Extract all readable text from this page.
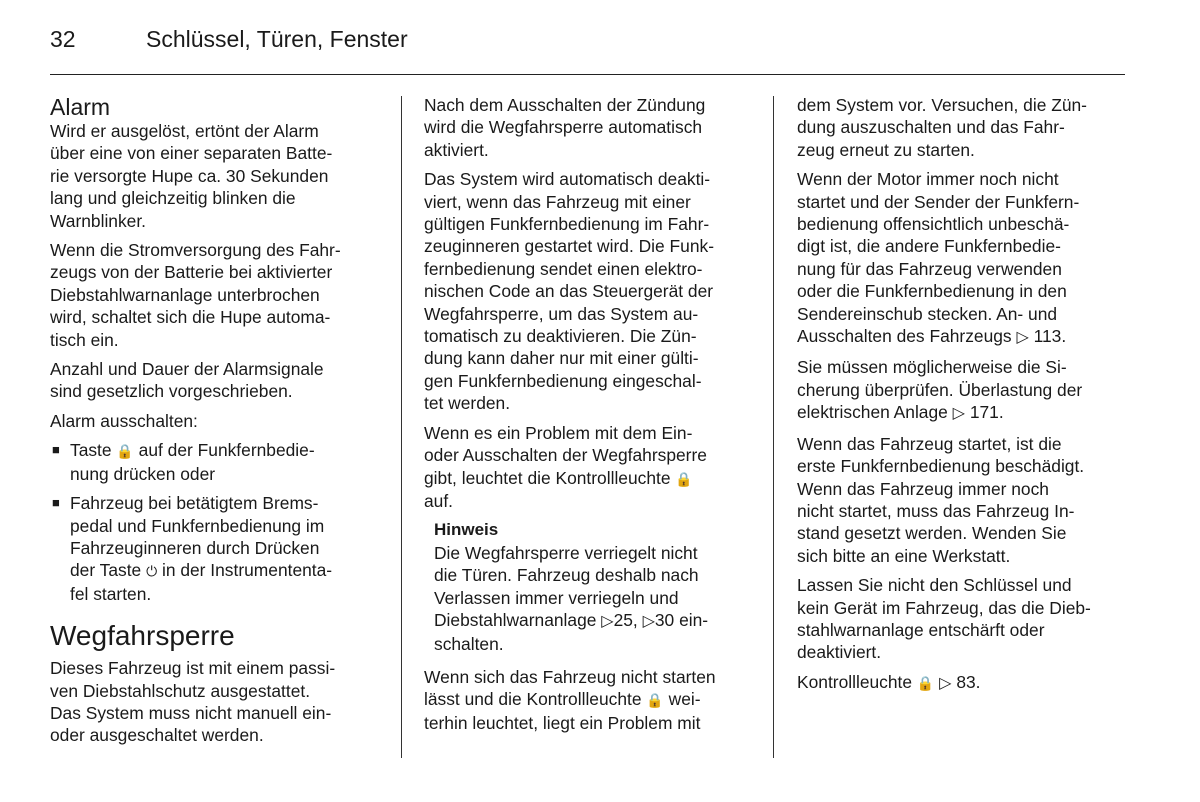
32	Schlüssel, Türen, Fenster
Alarm

Wird er ausgelöst, ertönt der Alarm
über eine von einer separaten Batte-
rie versorgte Hupe ca. 30 Sekunden
lang und gleichzeitig blinken die
Warnblinker.

Wenn die Stromversorgung des Fahr-
zeugs von der Batterie bei aktivierter
Diebstahlwarnanlage unterbrochen
wird, schaltet sich die Hupe automa-
tisch ein.

Anzahl und Dauer der Alarmsignale
sind gesetzlich vorgeschrieben.

Alarm ausschalten:

■ Taste 🔒 auf der Funkfernbedie-
nung drücken oder
■ Fahrzeug bei betätigtem Brems-
pedal und Funkfernbedienung im
Fahrzeuginneren durch Drücken
der Taste ⏻ in der Instrumententa-
fel starten.
Wegfahrsperre

Dieses Fahrzeug ist mit einem passi-
ven Diebstahlschutz ausgestattet.
Das System muss nicht manuell ein-
oder ausgeschaltet werden.

Nach dem Ausschalten der Zündung
wird die Wegfahrsperre automatisch
aktiviert.

Das System wird automatisch deakti-
viert, wenn das Fahrzeug mit einer
gültigen Funkfernbedienung im Fahr-
zeuginneren gestartet wird. Die Funk-
fernbedienung sendet einen elektro-
nischen Code an das Steuergerät der
Wegfahrsperre, um das System au-
tomatisch zu deaktivieren. Die Zün-
dung kann daher nur mit einer gülti-
gen Funkfernbedienung eingeschal-
tet werden.

Wenn es ein Problem mit dem Ein-
oder Ausschalten der Wegfahrsperre
gibt, leuchtet die Kontrollleuchte 🔒
auf.

Hinweis
Die Wegfahrsperre verriegelt nicht
die Türen. Fahrzeug deshalb nach
Verlassen immer verriegeln und
Diebstahlwarnanlage ▷25, ▷30 ein-
schalten.

Wenn sich das Fahrzeug nicht starten
lässt und die Kontrollleuchte 🔒 wei-
terhin leuchtet, liegt ein Problem mit

dem System vor. Versuchen, die Zün-
dung auszuschalten und das Fahr-
zeug erneut zu starten.

Wenn der Motor immer noch nicht
startet und der Sender der Funkfern-
bedienung offensichtlich unbeschä-
digt ist, die andere Funkfernbedie-
nung für das Fahrzeug verwenden
oder die Funkfernbedienung in den
Sendereinschub stecken. An- und
Ausschalten des Fahrzeugs ▷ 113.

Sie müssen möglicherweise die Si-
cherung überprüfen. Überlastung der
elektrischen Anlage ▷ 171.

Wenn das Fahrzeug startet, ist die
erste Funkfernbedienung beschädigt.
Wenn das Fahrzeug immer noch
nicht startet, muss das Fahrzeug In-
stand gesetzt werden. Wenden Sie
sich bitte an eine Werkstatt.

Lassen Sie nicht den Schlüssel und
kein Gerät im Fahrzeug, das die Dieb-
stahlwarnanlage entschärft oder
deaktiviert.

Kontrollleuchte 🔒 ▷ 83.
